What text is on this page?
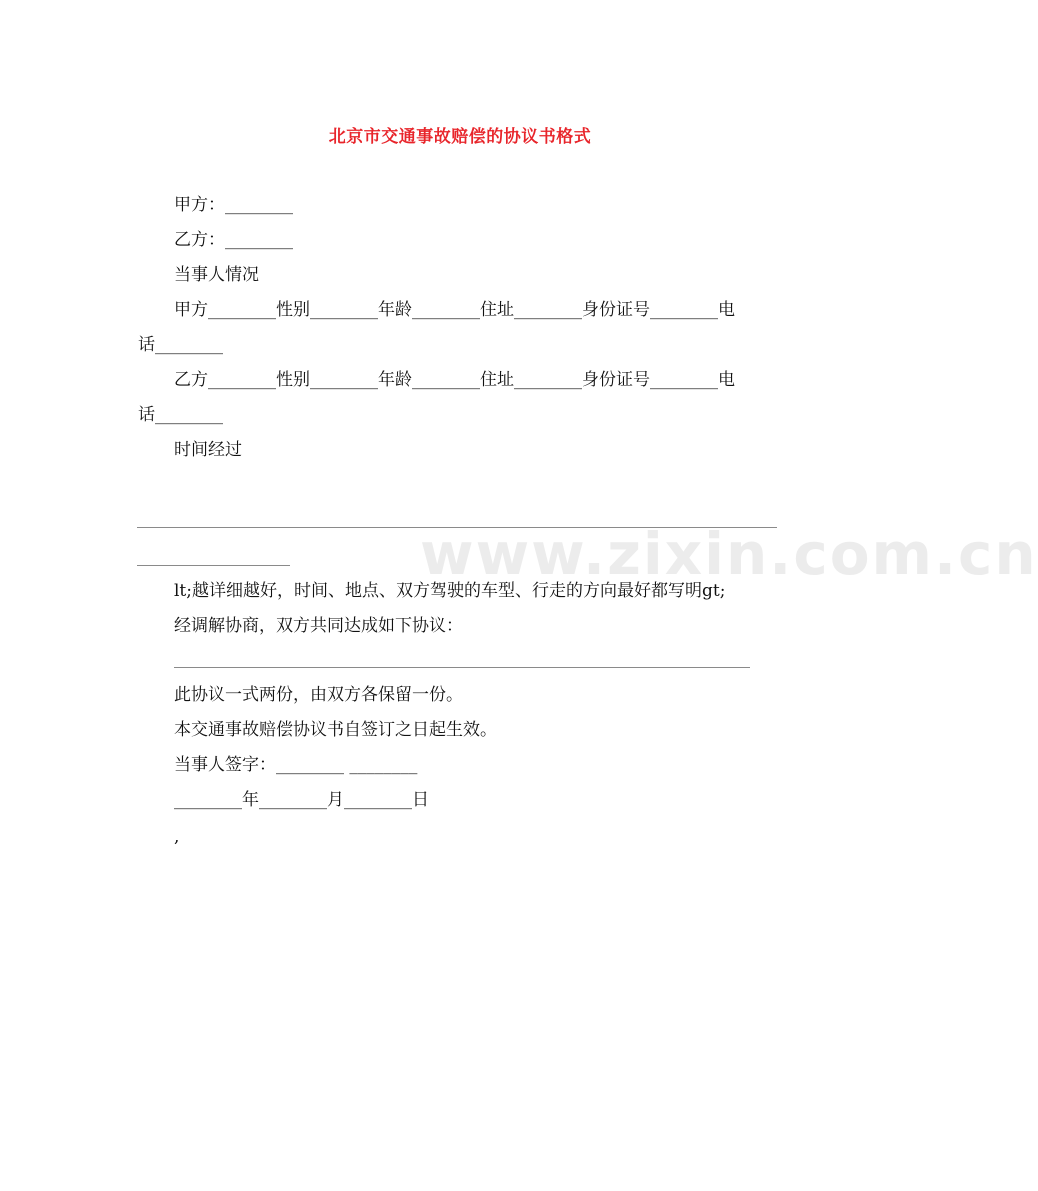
www.zixin.com.cn
北京市交通事故赔偿的协议书格式
甲方：________
乙方：________
当事人情况
甲方________性别________年龄________住址________身份证号________电
话________
乙方________性别________年龄________住址________身份证号________电
话________
时间经过
lt;越详细越好，时间、地点、双方驾驶的车型、行走的方向最好都写明gt;
经调解协商，双方共同达成如下协议：
此协议一式两份，由双方各保留一份。
本交通事故赔偿协议书自签订之日起生效。
当事人签字：________ ________
________年________月________日
,
